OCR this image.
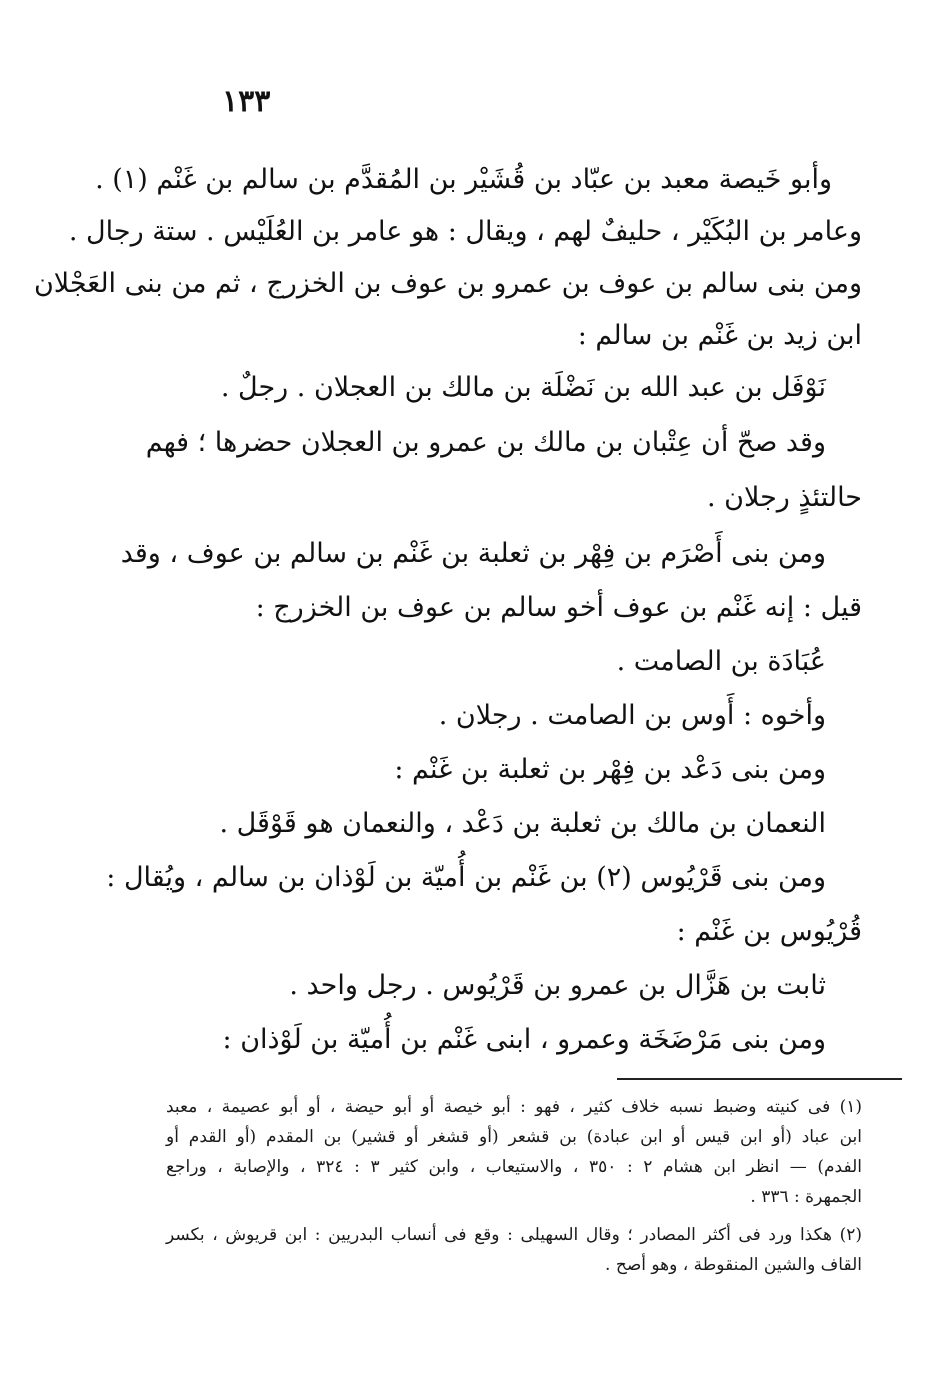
١٣٣
وأبو خَيصة معبد بن عبّاد بن قُشَيْر بن المُقدَّم بن سالم بن غَنْم (١) .
وعامر بن البُكَيْر ، حليفٌ لهم ، ويقال : هو عامر بن العُلَيْس . ستة رجال .
ومن بنى سالم بن عوف بن عمرو بن عوف بن الخزرج ، ثم من بنى العَجْلان
ابن زيد بن غَنْم بن سالم :
نَوْفَل بن عبد الله بن نَضْلَة بن مالك بن العجلان . رجلٌ .
وقد صحّ أن عِتْبان بن مالك بن عمرو بن العجلان حضرها ؛ فهم
حالتئذٍ رجلان .
ومن بنى أَصْرَم بن فِهْر بن ثعلبة بن غَنْم بن سالم بن عوف ، وقد
قيل : إنه غَنْم بن عوف أخو سالم بن عوف بن الخزرج :
عُبَادَة بن الصامت .
وأخوه : أَوس بن الصامت . رجلان .
ومن بنى دَعْد بن فِهْر بن ثعلبة بن غَنْم :
النعمان بن مالك بن ثعلبة بن دَعْد ، والنعمان هو قَوْقَل .
ومن بنى قَرْيُوس (٢) بن غَنْم بن أُميّة بن لَوْذان بن سالم ، ويُقال :
قُرْيُوس بن غَنْم :
ثابت بن هَزَّال بن عمرو بن قَرْيُوس . رجل واحد .
ومن بنى مَرْضَخَة وعمرو ، ابنى غَنْم بن أُميّة بن لَوْذان :
(١) فى كنيته وضبط نسبه خلاف كثير ، فهو : أبو خيصة أو أبو حيضة ، أو أبو عصيمة ، معبد
ابن عباد (أو ابن قيس أو ابن عبادة) بن قشعر (أو قشغر أو قشير) بن المقدم (أو القدم أو
الفدم) — انظر ابن هشام ٢ : ٣٥٠ ، والاستيعاب ، وابن كثير ٣ : ٣٢٤ ، والإصابة ، وراجع
الجمهرة : ٣٣٦ .
(٢) هكذا ورد فى أكثر المصادر ؛ وقال السهيلى : وقع فى أنساب البدريين : ابن قريوش ، بكسر
القاف والشين المنقوطة ، وهو أصح .
